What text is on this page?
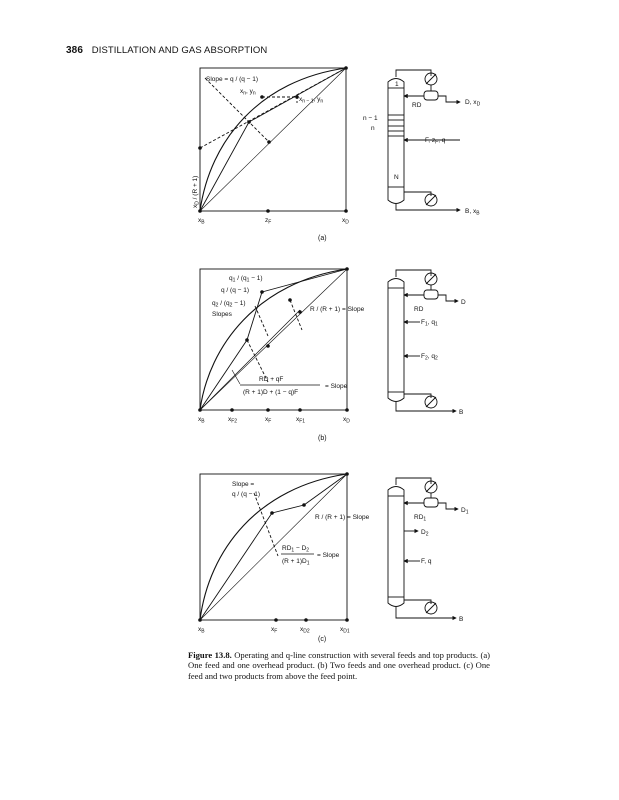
386 DISTILLATION AND GAS ABSORPTION
Slope = q / (q − 1)
$x_n$, $y_n$
$x_{n - 1}$, $y_n$
$x_D / (R + 1)$
$x_B$	$z_F$	$x_D$
(a)
1
n − 1
n
N
RD	D, $x_D$
F, $z_F$, q
B, $x_B$
$q_1 / (q_1 - 1)$
q / (q − 1)
$q_2 / (q_2 - 1)$
Slopes
R / (R + 1) = Slope
RD + qF
(R + 1)D + (1 − q)F
= Slope
$x_B$	$x_{F2}$	$x_F$	$x_{F1}$	$x_D$
(b)
RD
D
$F_1$, $q_1$
$F_2$, $q_2$
B
Slope =
q / (q − 1)
R / (R + 1) = Slope
$RD_1 - D_2$
$(R + 1)D_1$
= Slope
$x_B$	$x_F$	$x_{D2}$	$x_{D1}$
(c)
$RD_1$
$D_1$
$D_2$
F, q
B
Figure 13.8. Operating and q-line construction with several feeds and top products. (a) One feed and one overhead product. (b) Two feeds and one overhead product. (c) One feed and two products from above the feed point.
